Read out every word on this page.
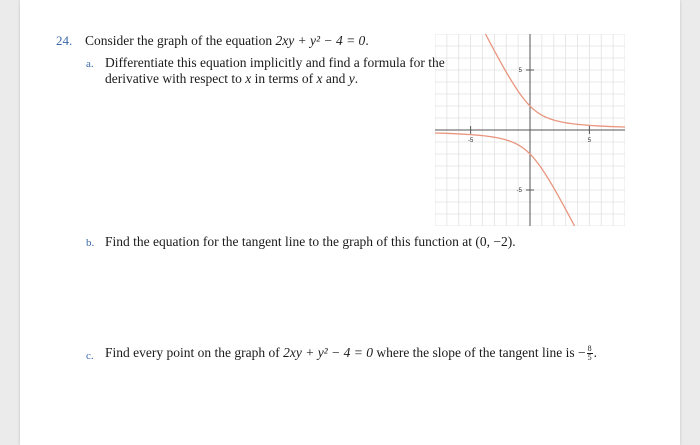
24. Consider the graph of the equation 2xy + y² − 4 = 0.
a. Differentiate this equation implicitly and find a formula for the
derivative with respect to x in terms of x and y.
-5	5
5
-5
b. Find the equation for the tangent line to the graph of this function at (0, −2).
c. Find every point on the graph of 2xy + y² − 4 = 0 where the slope of the tangent line is − $\frac{8}{5}$ .
